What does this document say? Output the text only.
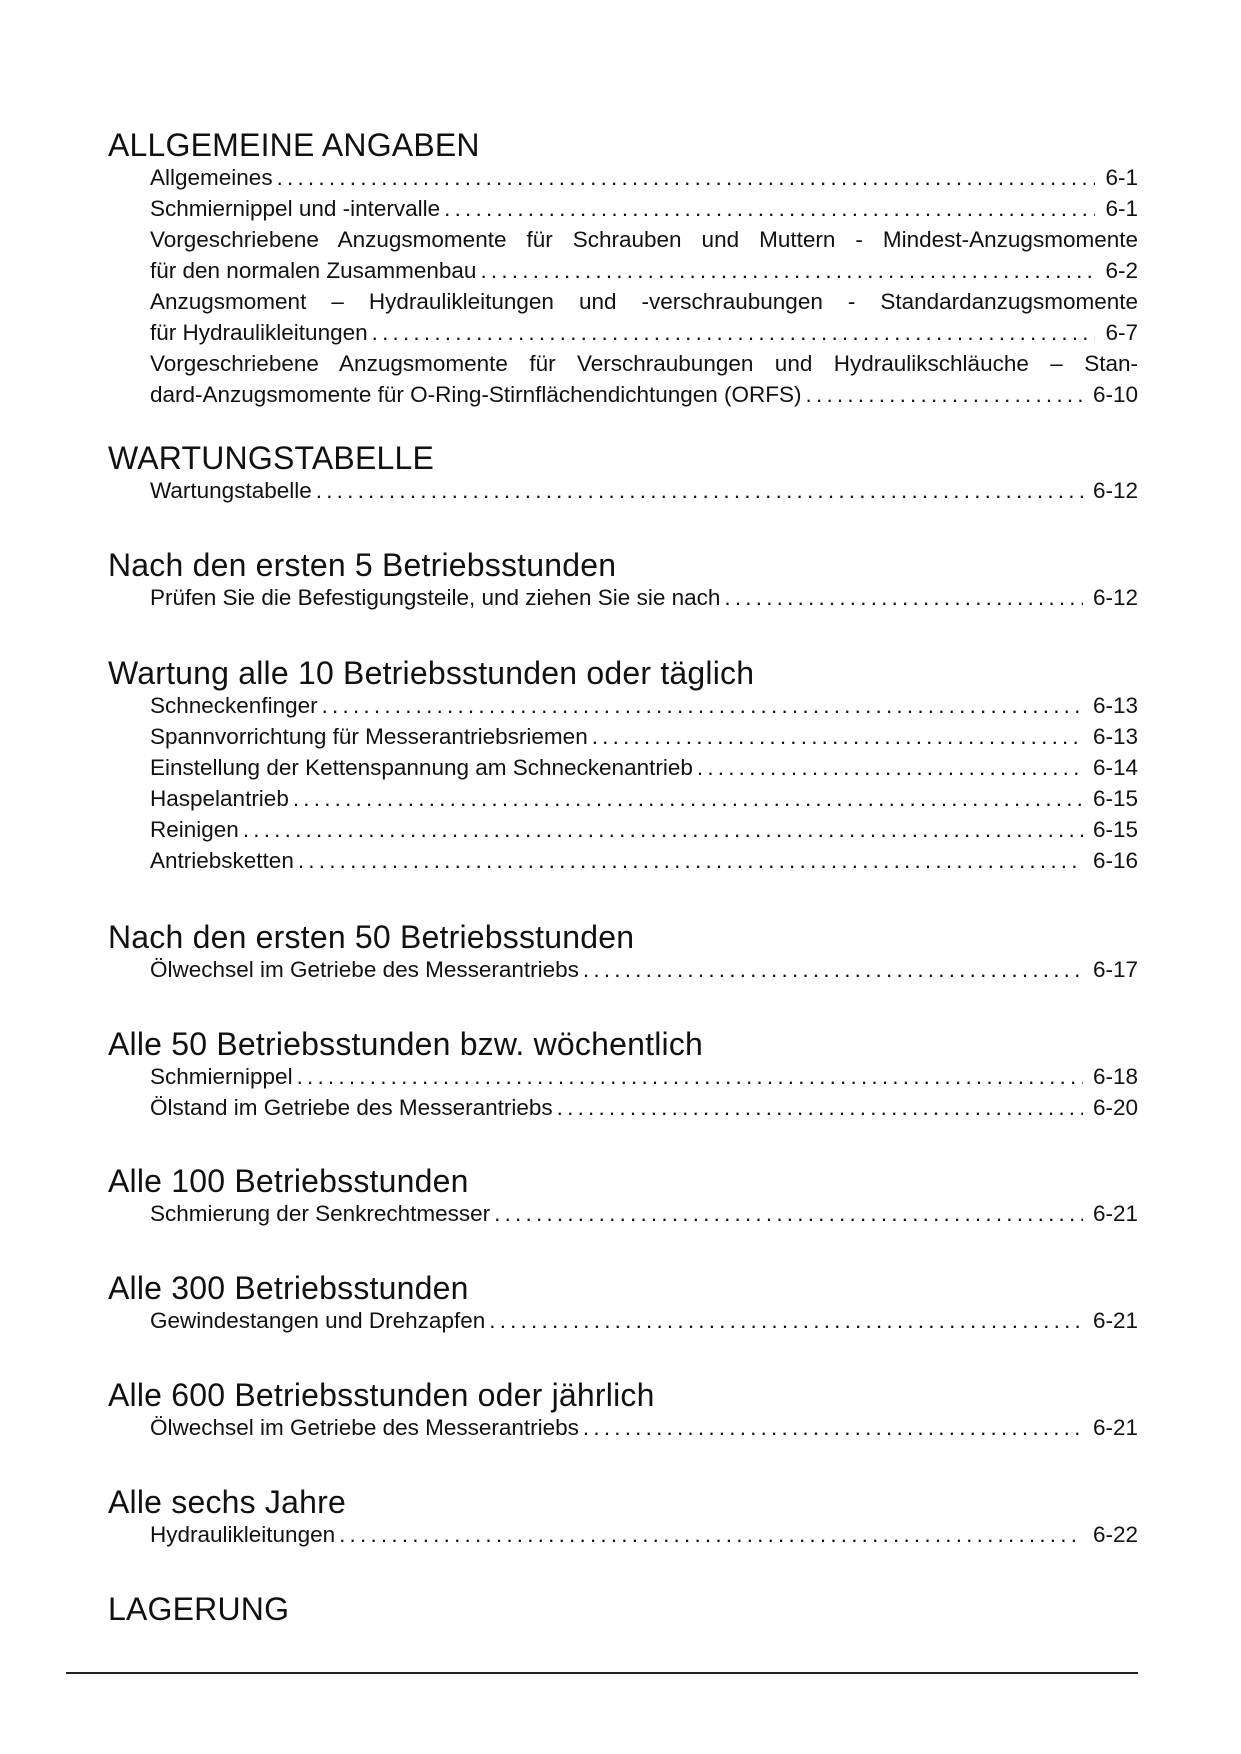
ALLGEMEINE ANGABEN
Allgemeines .....	6-1
Schmiernippel und -intervalle .....	6-1
Vorgeschriebene Anzugsmomente für Schrauben und Muttern - Mindest-Anzugsmomente
für den normalen Zusammenbau .....	6-2
Anzugsmoment – Hydraulikleitungen und -verschraubungen - Standardanzugsmomente
für Hydraulikleitungen .....	6-7
Vorgeschriebene Anzugsmomente für Verschraubungen und Hydraulikschläuche – Stan-
dard-Anzugsmomente für O-Ring-Stirnflächendichtungen (ORFS) .....	6-10
WARTUNGSTABELLE
Wartungstabelle .....	6-12
Nach den ersten 5 Betriebsstunden
Prüfen Sie die Befestigungsteile, und ziehen Sie sie nach .....	6-12
Wartung alle 10 Betriebsstunden oder täglich
Schneckenfinger .....	6-13
Spannvorrichtung für Messerantriebsriemen .....	6-13
Einstellung der Kettenspannung am Schneckenantrieb .....	6-14
Haspelantrieb .....	6-15
Reinigen .....	6-15
Antriebsketten .....	6-16
Nach den ersten 50 Betriebsstunden
Ölwechsel im Getriebe des Messerantriebs .....	6-17
Alle 50 Betriebsstunden bzw. wöchentlich
Schmiernippel .....	6-18
Ölstand im Getriebe des Messerantriebs .....	6-20
Alle 100 Betriebsstunden
Schmierung der Senkrechtmesser .....	6-21
Alle 300 Betriebsstunden
Gewindestangen und Drehzapfen .....	6-21
Alle 600 Betriebsstunden oder jährlich
Ölwechsel im Getriebe des Messerantriebs .....	6-21
Alle sechs Jahre
Hydraulikleitungen .....	6-22
LAGERUNG
